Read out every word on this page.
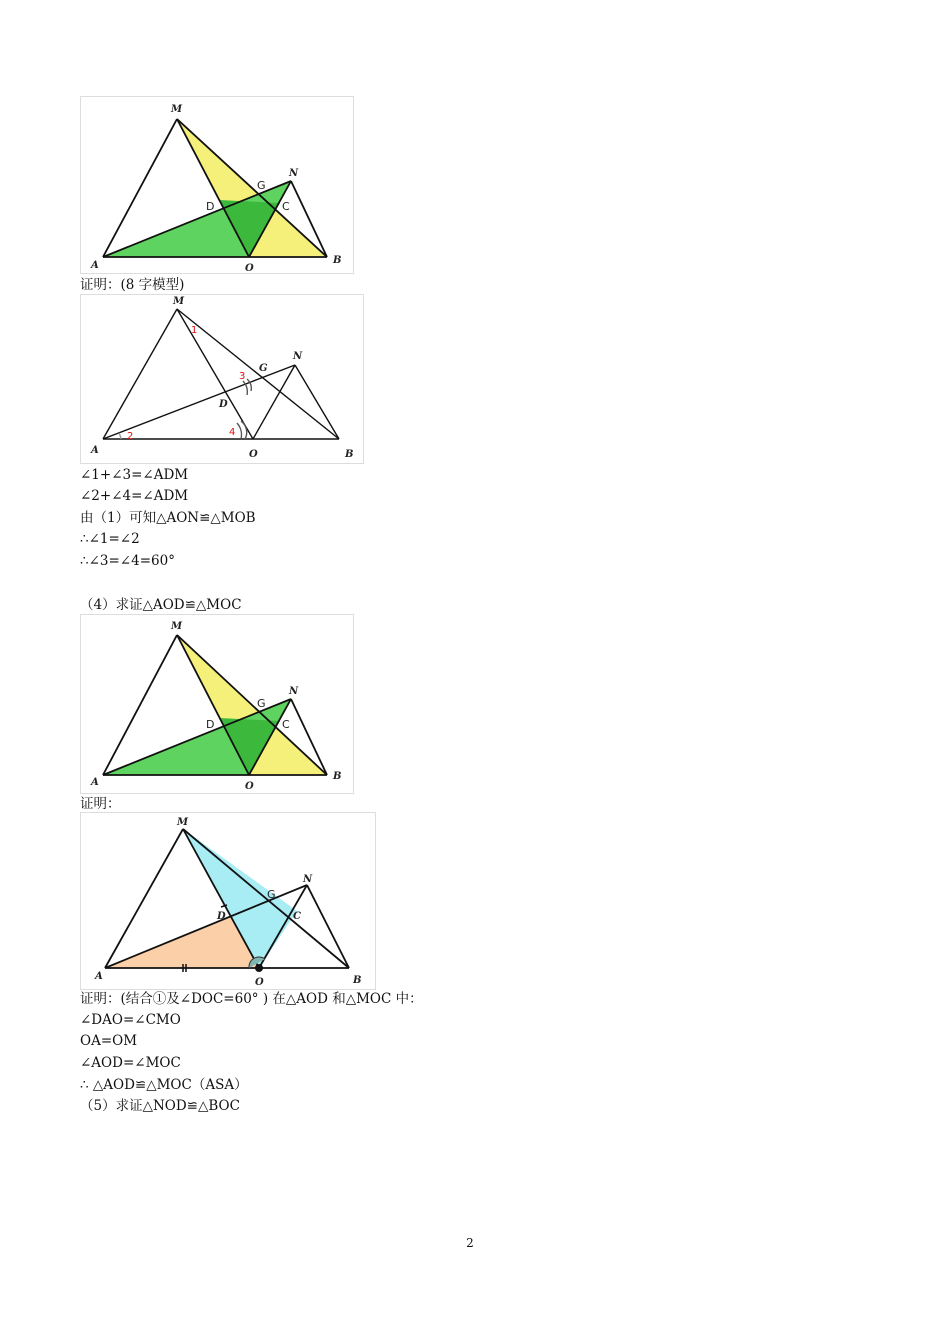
M
N
G
D	C
A	O
B
证明：(8 字模型)
M
N
G
D
A	O	B
1
2
3
4
∠1+∠3=∠ADM
∠2+∠4=∠ADM
由（1）可知△AON≌△MOB
∴∠1=∠2
∴∠3=∠4=60°
（4）求证△AOD≌△MOC
M
N
G
D	C
A	O
B
证明：
M
N
G
D	C
A
O	B
证明：(结合①及∠DOC=60° ) 在△AOD 和△MOC 中：
∠DAO=∠CMO
OA=OM
∠AOD=∠MOC
∴ △AOD≌△MOC（ASA）
（5）求证△NOD≌△BOC
2
